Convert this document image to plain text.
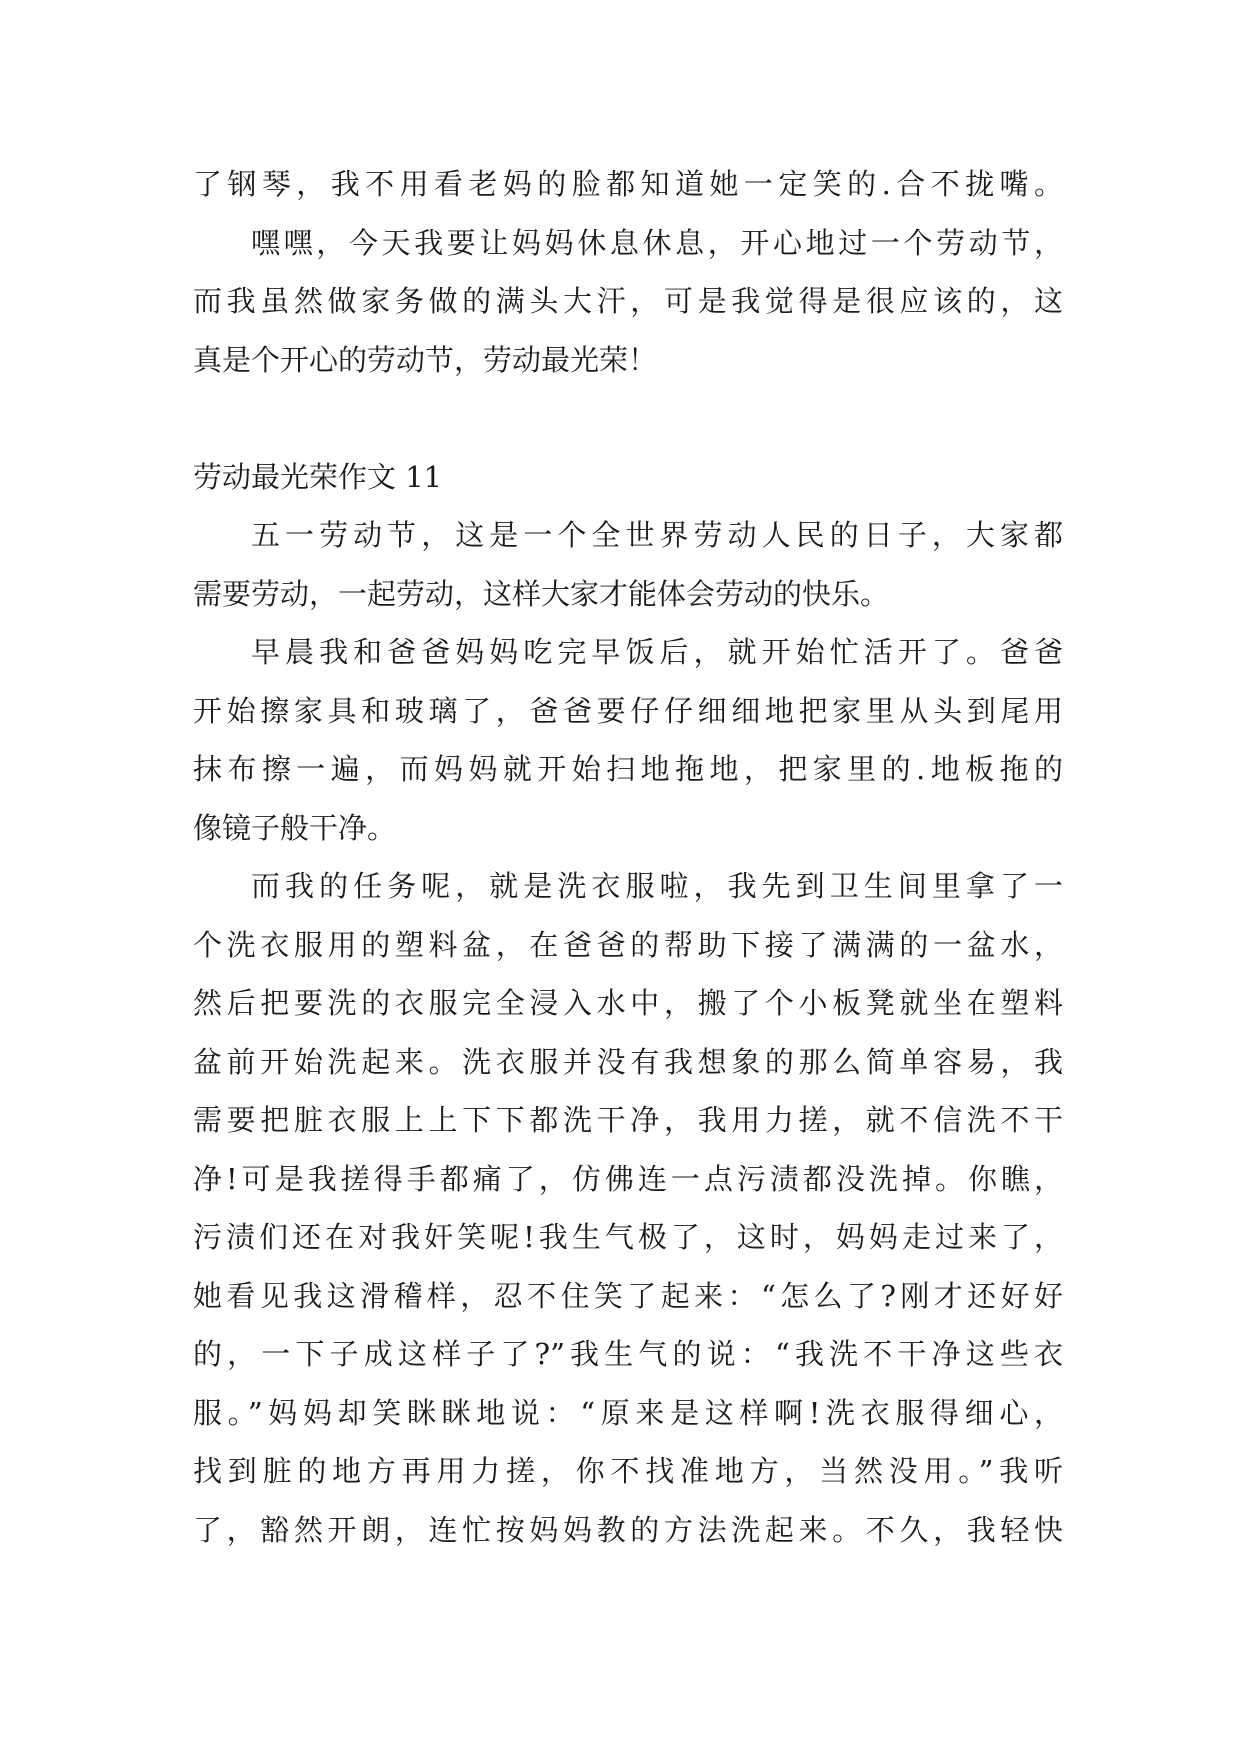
了钢琴，我不用看老妈的脸都知道她一定笑的.合不拢嘴。
嘿嘿，今天我要让妈妈休息休息，开心地过一个劳动节，
而我虽然做家务做的满头大汗，可是我觉得是很应该的，这
真是个开心的劳动节，劳动最光荣！
劳动最光荣作文 11
五一劳动节，这是一个全世界劳动人民的日子，大家都
需要劳动，一起劳动，这样大家才能体会劳动的快乐。
早晨我和爸爸妈妈吃完早饭后，就开始忙活开了。爸爸
开始擦家具和玻璃了，爸爸要仔仔细细地把家里从头到尾用
抹布擦一遍，而妈妈就开始扫地拖地，把家里的.地板拖的
像镜子般干净。
而我的任务呢，就是洗衣服啦，我先到卫生间里拿了一
个洗衣服用的塑料盆，在爸爸的帮助下接了满满的一盆水，
然后把要洗的衣服完全浸入水中，搬了个小板凳就坐在塑料
盆前开始洗起来。洗衣服并没有我想象的那么简单容易，我
需要把脏衣服上上下下都洗干净，我用力搓，就不信洗不干
净!可是我搓得手都痛了，仿佛连一点污渍都没洗掉。你瞧，
污渍们还在对我奸笑呢!我生气极了，这时，妈妈走过来了，
她看见我这滑稽样，忍不住笑了起来：“怎么了?刚才还好好
的，一下子成这样子了?”我生气的说：“我洗不干净这些衣
服。”妈妈却笑眯眯地说：“原来是这样啊!洗衣服得细心，
找到脏的地方再用力搓，你不找准地方，当然没用。”我听
了，豁然开朗，连忙按妈妈教的方法洗起来。不久，我轻快
